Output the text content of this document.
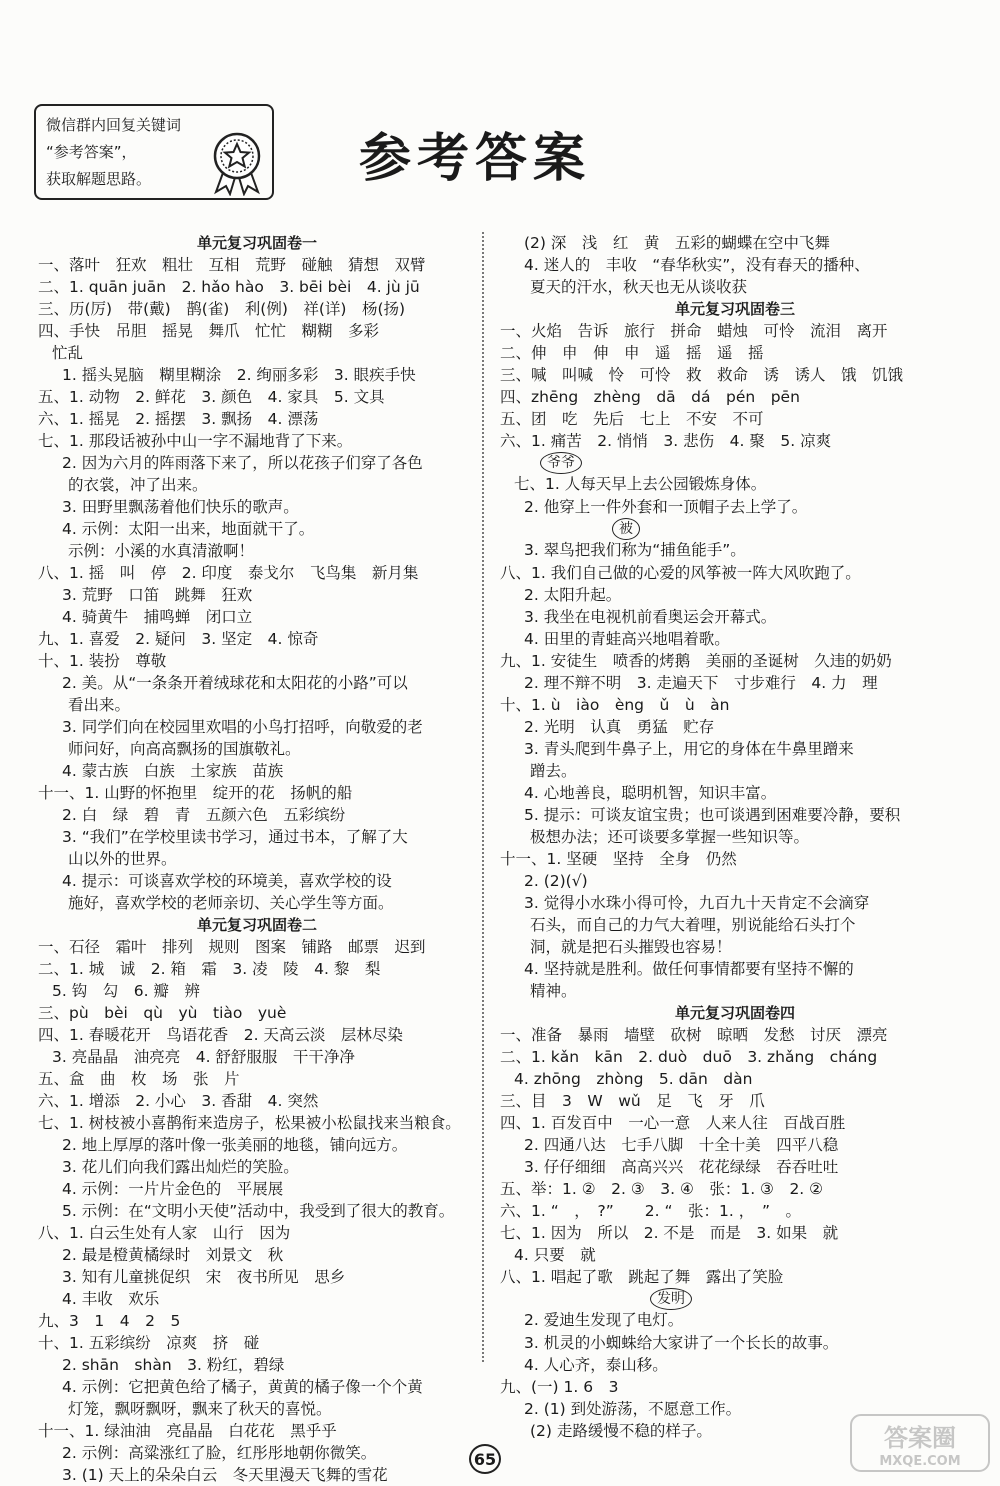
微信群内回复关键词
“参考答案”，
获取解题思路。	参考答案
单元复习巩固卷一
一、落叶　狂欢　粗壮　互相　荒野　碰触　猜想　双臂
二、1. quān juān　2. hǎo hào　3. bēi bèi　4. jù jū
三、历(厉)　带(戴)　鹊(雀)　利(例)　祥(详)　杨(扬)
四、手快　吊胆　摇晃　舞爪　忙忙　糊糊　多彩
忙乱
1. 摇头晃脑　糊里糊涂　2. 绚丽多彩　3. 眼疾手快
五、1. 动物　2. 鲜花　3. 颜色　4. 家具　5. 文具
六、1. 摇晃　2. 摇摆　3. 飘扬　4. 漂荡
七、1. 那段话被孙中山一字不漏地背了下来。
2. 因为六月的阵雨落下来了，所以花孩子们穿了各色
的衣裳，冲了出来。
3. 田野里飘荡着他们快乐的歌声。
4. 示例：太阳一出来，地面就干了。
示例：小溪的水真清澈啊！
八、1. 摇　叫　停　2. 印度　泰戈尔　飞鸟集　新月集
3. 荒野　口笛　跳舞　狂欢
4. 骑黄牛　捕鸣蝉　闭口立
九、1. 喜爱　2. 疑问　3. 坚定　4. 惊奇
十、1. 装扮　尊敬
2. 美。从“一条条开着绒球花和太阳花的小路”可以
看出来。
3. 同学们向在校园里欢唱的小鸟打招呼，向敬爱的老
师问好，向高高飘扬的国旗敬礼。
4. 蒙古族　白族　土家族　苗族
十一、1. 山野的怀抱里　绽开的花　扬帆的船
2. 白　绿　碧　青　五颜六色　五彩缤纷
3. “我们”在学校里读书学习，通过书本，了解了大
山以外的世界。
4. 提示：可谈喜欢学校的环境美，喜欢学校的设
施好，喜欢学校的老师亲切、关心学生等方面。
单元复习巩固卷二
一、石径　霜叶　排列　规则　图案　铺路　邮票　迟到
二、1. 城　诚　2. 箱　霜　3. 凌　陵　4. 黎　梨
5. 钩　勾　6. 瓣　辨
三、pù　bèi　qù　yù　tiào　yuè
四、1. 春暖花开　鸟语花香　2. 天高云淡　层林尽染
3. 亮晶晶　油亮亮　4. 舒舒服服　干干净净
五、盒　曲　枚　场　张　片
六、1. 增添　2. 小心　3. 香甜　4. 突然
七、1. 树枝被小喜鹊衔来造房子，松果被小松鼠找来当粮食。
2. 地上厚厚的落叶像一张美丽的地毯，铺向远方。
3. 花儿们向我们露出灿烂的笑脸。
4. 示例：一片片金色的　平展展
5. 示例：在“文明小天使”活动中，我受到了很大的教育。
八、1. 白云生处有人家　山行　因为
2. 最是橙黄橘绿时　刘景文　秋
3. 知有儿童挑促织　宋　夜书所见　思乡
4. 丰收　欢乐
九、3　1　4　2　5
十、1. 五彩缤纷　凉爽　挤　碰
2. shān　shàn　3. 粉红，碧绿
4. 示例：它把黄色给了橘子，黄黄的橘子像一个个黄
灯笼，飘呀飘呀，飘来了秋天的喜悦。
十一、1. 绿油油　亮晶晶　白花花　黑乎乎
2. 示例：高粱涨红了脸，红彤彤地朝你微笑。
3. (1) 天上的朵朵白云　冬天里漫天飞舞的雪花
(2) 深　浅　红　黄　五彩的蝴蝶在空中飞舞
4. 迷人的　丰收　“春华秋实”，没有春天的播种、
夏天的汗水，秋天也无从谈收获
单元复习巩固卷三
一、火焰　告诉　旅行　拼命　蜡烛　可怜　流泪　离开
二、伸　申　伸　申　遥　摇　遥　摇
三、喊　叫喊　怜　可怜　救　救命　诱　诱人　饿　饥饿
四、zhēng　zhèng　dā　dá　pén　pēn
五、团　吃　先后　七上　不安　不可
六、1. 痛苦　2. 悄悄　3. 悲伤　4. 聚　5. 凉爽
爷爷
七、1. 人每天早上去公园锻炼身体。
2. 他穿上一件外套和一顶帽子去上学了。
被
3. 翠鸟把我们称为“捕鱼能手”。
八、1. 我们自己做的心爱的风筝被一阵大风吹跑了。
2. 太阳升起。
3. 我坐在电视机前看奥运会开幕式。
4. 田里的青蛙高兴地唱着歌。
九、1. 安徒生　喷香的烤鹅　美丽的圣诞树　久违的奶奶
2. 理不辩不明　3. 走遍天下　寸步难行　4. 力　理
十、1. ù　iào　èng　ǔ　ù　àn
2. 光明　认真　勇猛　贮存
3. 青头爬到牛鼻子上，用它的身体在牛鼻里蹭来
蹭去。
4. 心地善良，聪明机智，知识丰富。
5. 提示：可谈友谊宝贵；也可谈遇到困难要冷静，要积
极想办法；还可谈要多掌握一些知识等。
十一、1. 坚硬　坚持　全身　仍然
2. (2)(√)
3. 觉得小水珠小得可怜，九百九十天肯定不会滴穿
石头，而自己的力气大着哩，别说能给石头打个
洞，就是把石头摧毁也容易！
4. 坚持就是胜利。做任何事情都要有坚持不懈的
精神。
单元复习巩固卷四
一、准备　暴雨　墙壁　砍树　晾晒　发愁　讨厌　漂亮
二、1. kǎn　kān　2. duò　duō　3. zhǎng　cháng
4. zhōng　zhòng　5. dān　dàn
三、目　3　W　wǔ　足　飞　牙　爪
四、1. 百发百中　一心一意　人来人往　百战百胜
2. 四通八达　七手八脚　十全十美　四平八稳
3. 仔仔细细　高高兴兴　花花绿绿　吞吞吐吐
五、举：1. ②　2. ③　3. ④　张：1. ③　2. ②
六、1. “　，　?”　　2. “　张：1. ，　”　。
七、1. 因为　所以　2. 不是　而是　3. 如果　就
4. 只要　就
八、1. 唱起了歌　跳起了舞　露出了笑脸
发明
2. 爱迪生发现了电灯。
3. 机灵的小蜘蛛给大家讲了一个长长的故事。
4. 人心齐，泰山移。
九、(一) 1. 6　3
2. (1) 到处游荡，不愿意工作。
(2) 走路缓慢不稳的样子。
65
答案圈
MXQE.COM
